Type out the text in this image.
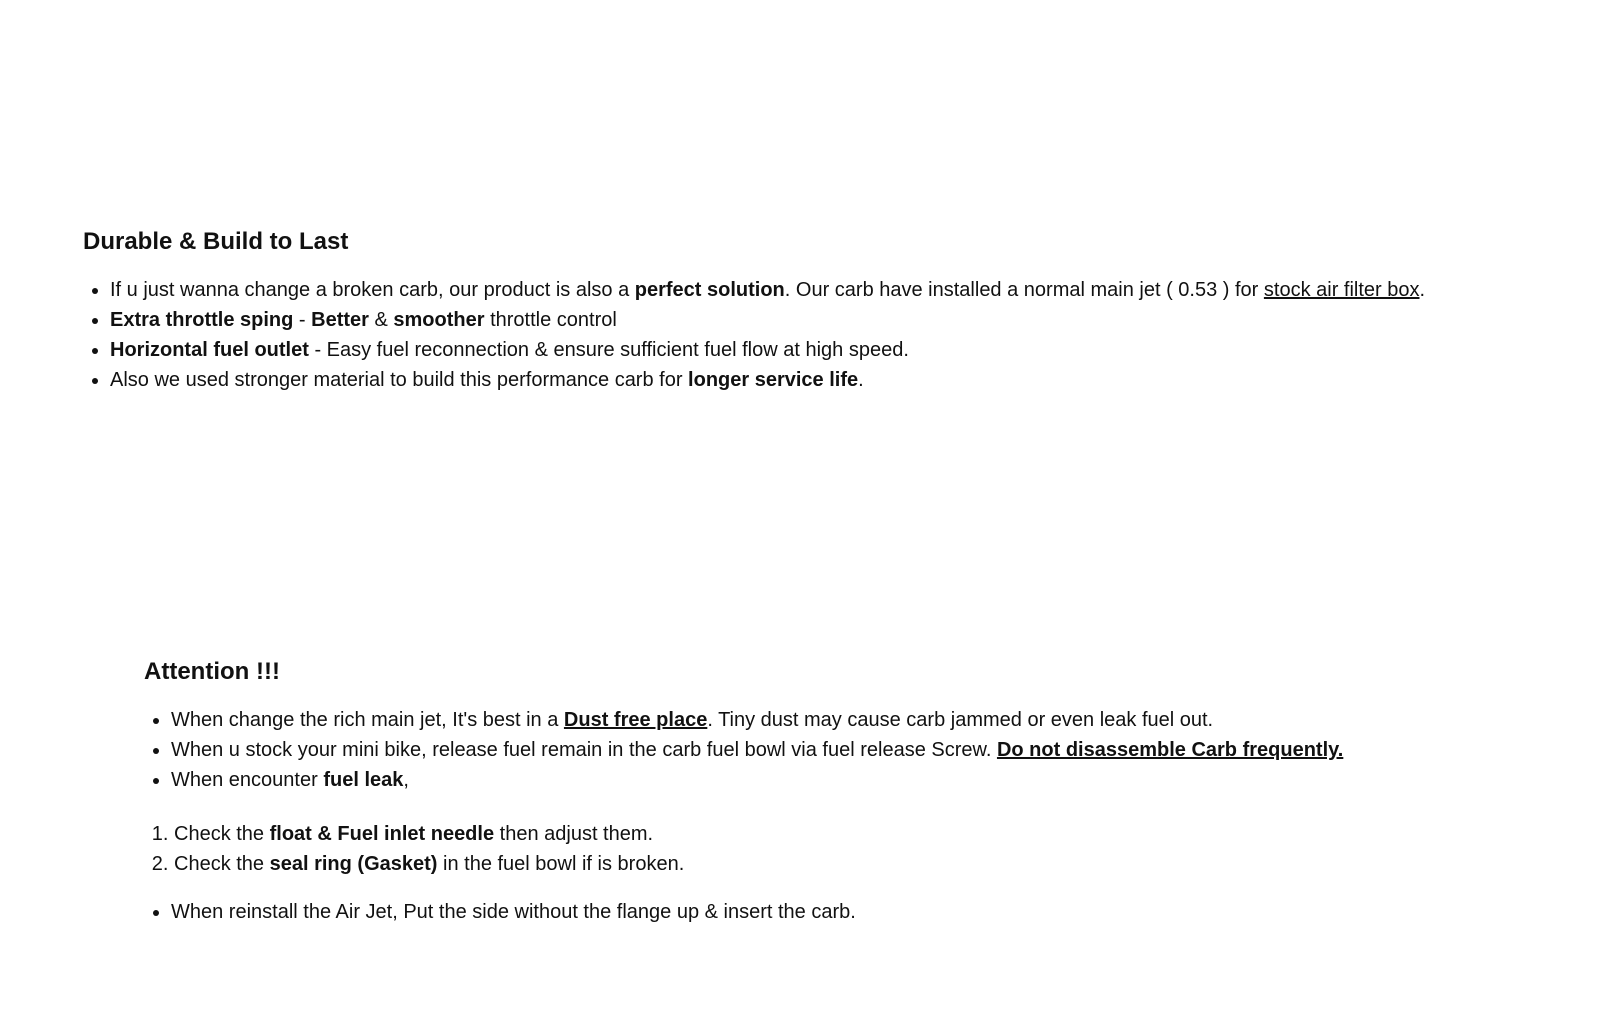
Durable & Build to Last
• If u just wanna change a broken carb, our product is also a perfect solution. Our carb have installed a normal main jet ( 0.53 ) for stock air filter box.
• Extra throttle sping - Better & smoother throttle control
• Horizontal fuel outlet - Easy fuel reconnection & ensure sufficient fuel flow at high speed.
• Also we used stronger material to build this performance carb for longer service life.
Attention !!!
• When change the rich main jet, It's best in a Dust free place. Tiny dust may cause carb jammed or even leak fuel out.
• When u stock your mini bike, release fuel remain in the carb fuel bowl via fuel release Screw. Do not disassemble Carb frequently.
• When encounter fuel leak,
1. Check the float & Fuel inlet needle then adjust them.
2. Check the seal ring (Gasket) in the fuel bowl if is broken.
• When reinstall the Air Jet, Put the side without the flange up & insert the carb.
